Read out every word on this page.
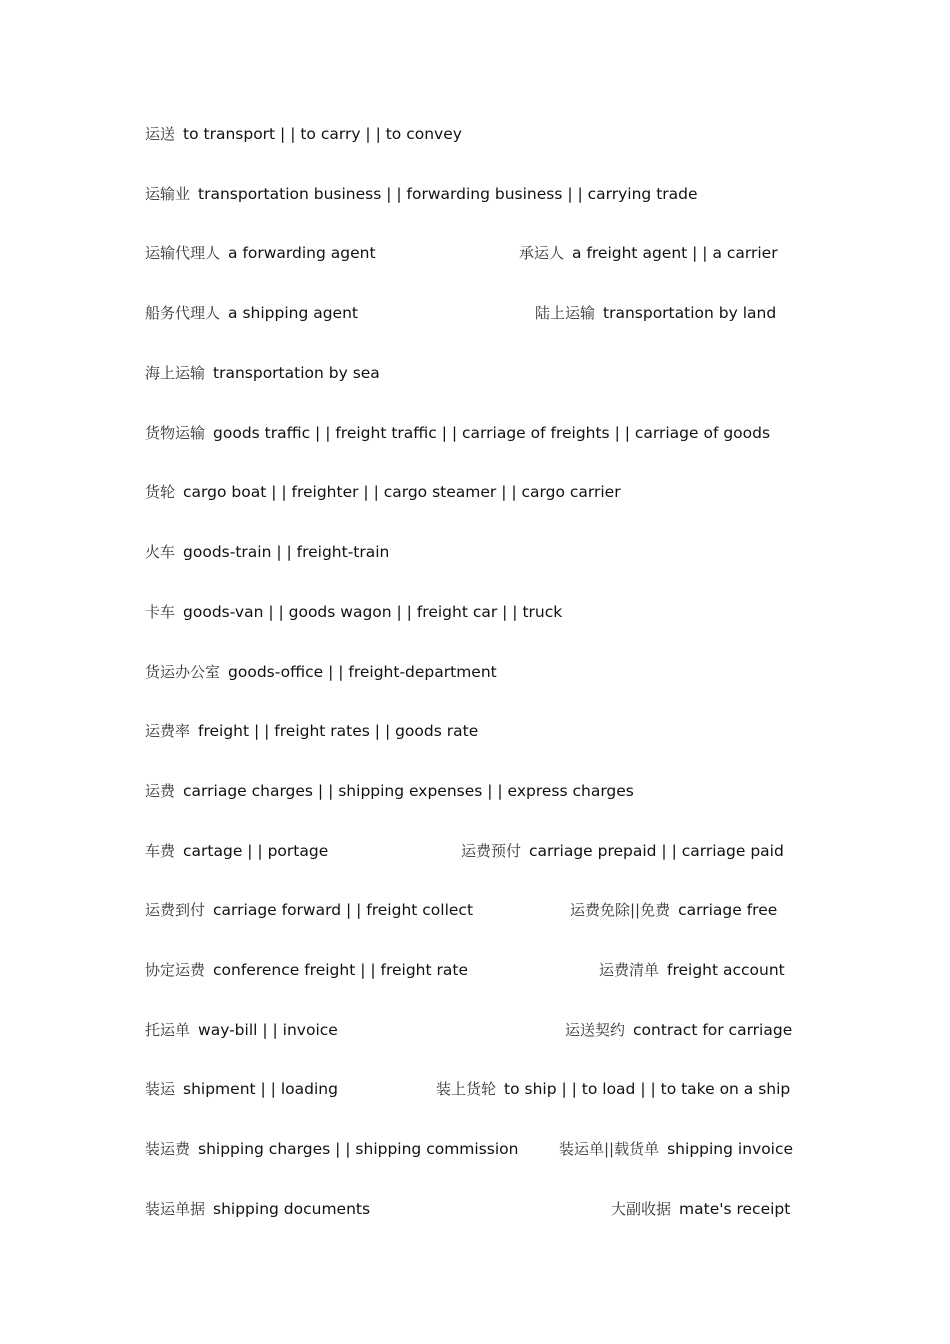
运送 to transport | | to carry | | to convey
运输业 transportation business | | forwarding business | | carrying trade
运输代理人 a forwarding agent	承运人 a freight agent | | a carrier
船务代理人 a shipping agent	陆上运输 transportation by land
海上运输 transportation by sea
货物运输 goods traffic | | freight traffic | | carriage of freights | | carriage of goods
货轮 cargo boat | | freighter | | cargo steamer | | cargo carrier
火车 goods-train | | freight-train
卡车 goods-van | | goods wagon | | freight car | | truck
货运办公室 goods-office | | freight-department
运费率 freight | | freight rates | | goods rate
运费 carriage charges | | shipping expenses | | express charges
车费 cartage | | portage	运费预付 carriage prepaid | | carriage paid
运费到付 carriage forward | | freight collect	运费免除||免费 carriage free
协定运费 conference freight | | freight rate	运费清单 freight account
托运单 way-bill | | invoice	运送契约 contract for carriage
装运 shipment | | loading	装上货轮 to ship | | to load | | to take on a ship
装运费 shipping charges | | shipping commission	装运单||载货单 shipping invoice
装运单据 shipping documents	大副收据 mate's receipt
